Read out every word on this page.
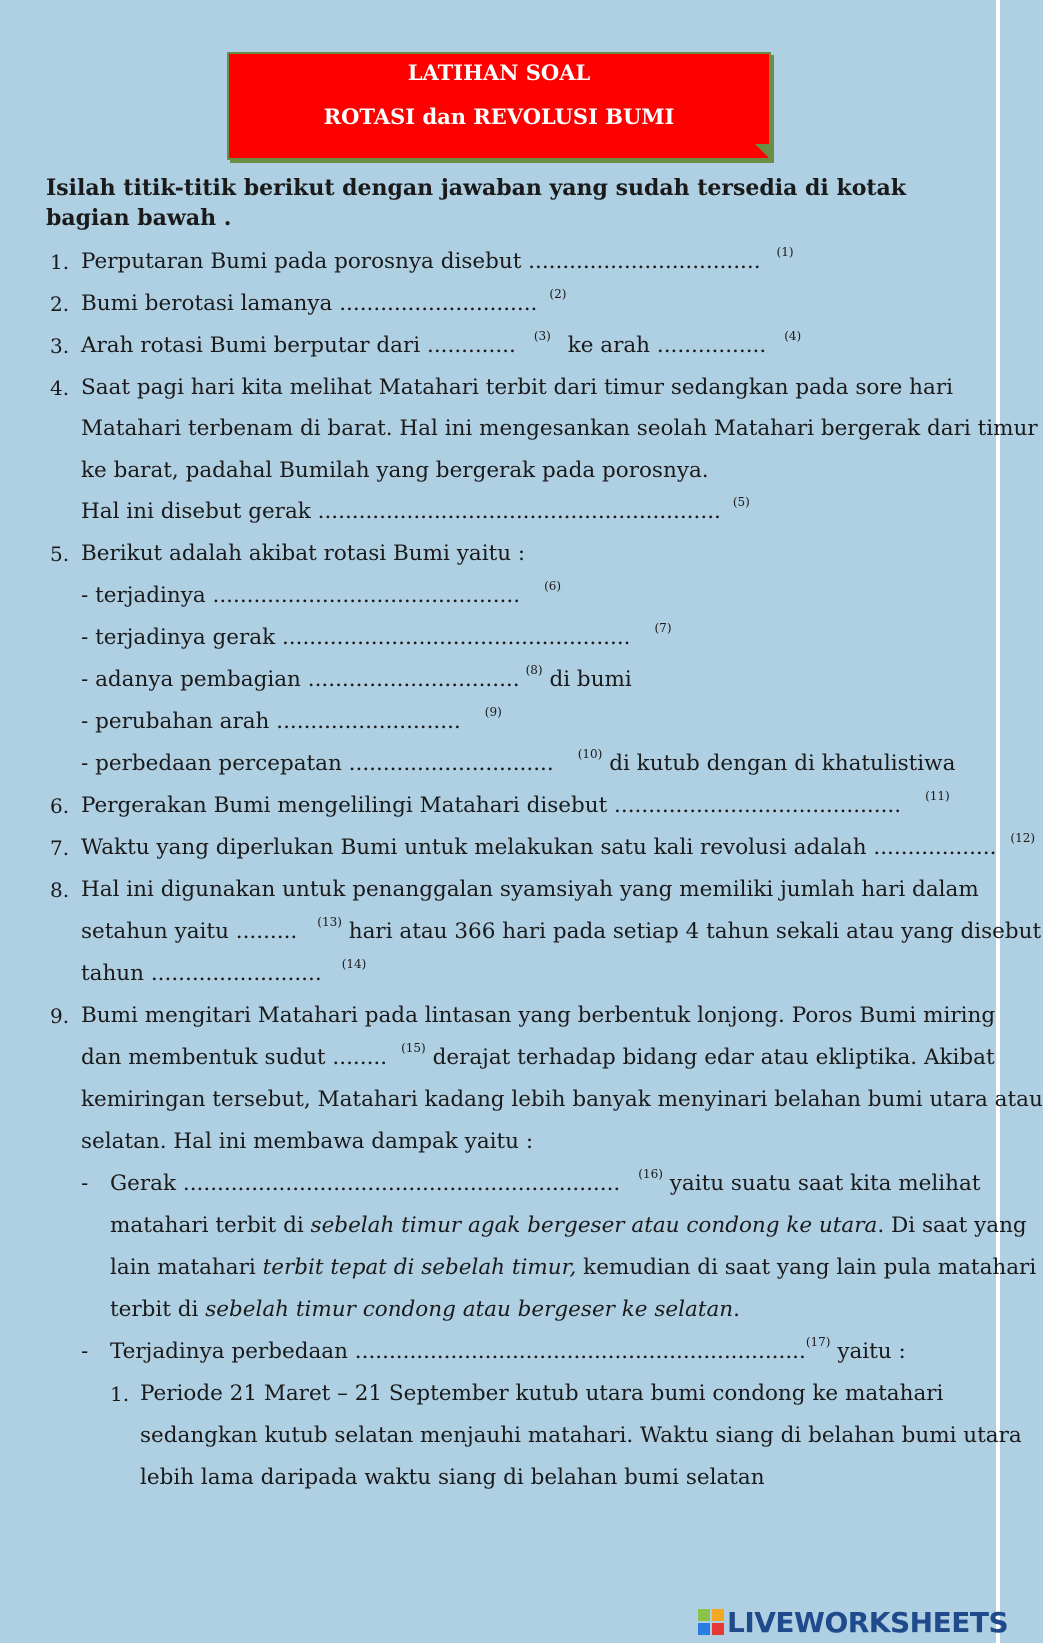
LATIHAN SOAL
ROTASI dan REVOLUSI BUMI
Isilah titik-titik berikut dengan jawaban yang sudah tersedia di kotak bagian bawah .
1. Perputaran Bumi pada porosnya disebut .................................. $^{(1)}$
2. Bumi berotasi lamanya ............................. $^{(2)}$
3. Arah rotasi Bumi berputar dari ............. $^{(3)}$ ke arah ................ $^{(4)}$
4. Saat pagi hari kita melihat Matahari terbit dari timur sedangkan pada sore hari
Matahari terbenam di barat. Hal ini mengesankan seolah Matahari bergerak dari timur
ke barat, padahal Bumilah yang bergerak pada porosnya.
Hal ini disebut gerak ........................................................... $^{(5)}$
5. Berikut adalah akibat rotasi Bumi yaitu :
- terjadinya ............................................. $^{(6)}$
- terjadinya gerak ................................................... $^{(7)}$
- adanya pembagian ............................... $^{(8)}$ di bumi
- perubahan arah ........................... $^{(9)}$
- perbedaan percepatan .............................. $^{(10)}$ di kutub dengan di khatulistiwa
6. Pergerakan Bumi mengelilingi Matahari disebut .......................................... $^{(11)}$
7. Waktu yang diperlukan Bumi untuk melakukan satu kali revolusi adalah .................. $^{(12)}$
8. Hal ini digunakan untuk penanggalan syamsiyah yang memiliki jumlah hari dalam
setahun yaitu ......... $^{(13)}$ hari atau 366 hari pada setiap 4 tahun sekali atau yang disebut
tahun ......................... $^{(14)}$
9. Bumi mengitari Matahari pada lintasan yang berbentuk lonjong. Poros Bumi miring
dan membentuk sudut ........ $^{(15)}$ derajat terhadap bidang edar atau ekliptika. Akibat
kemiringan tersebut, Matahari kadang lebih banyak menyinari belahan bumi utara atau
selatan. Hal ini membawa dampak yaitu :
- Gerak ................................................................ $^{(16)}$ yaitu suatu saat kita melihat
matahari terbit di sebelah timur agak bergeser atau condong ke utara. Di saat yang
lain matahari terbit tepat di sebelah timur, kemudian di saat yang lain pula matahari
terbit di sebelah timur condong atau bergeser ke selatan.
- Terjadinya perbedaan ..................................................................$^{(17)}$ yaitu :
1. Periode 21 Maret – 21 September kutub utara bumi condong ke matahari
sedangkan kutub selatan menjauhi matahari. Waktu siang di belahan bumi utara
lebih lama daripada waktu siang di belahan bumi selatan
LIVEWORKSHEETS
